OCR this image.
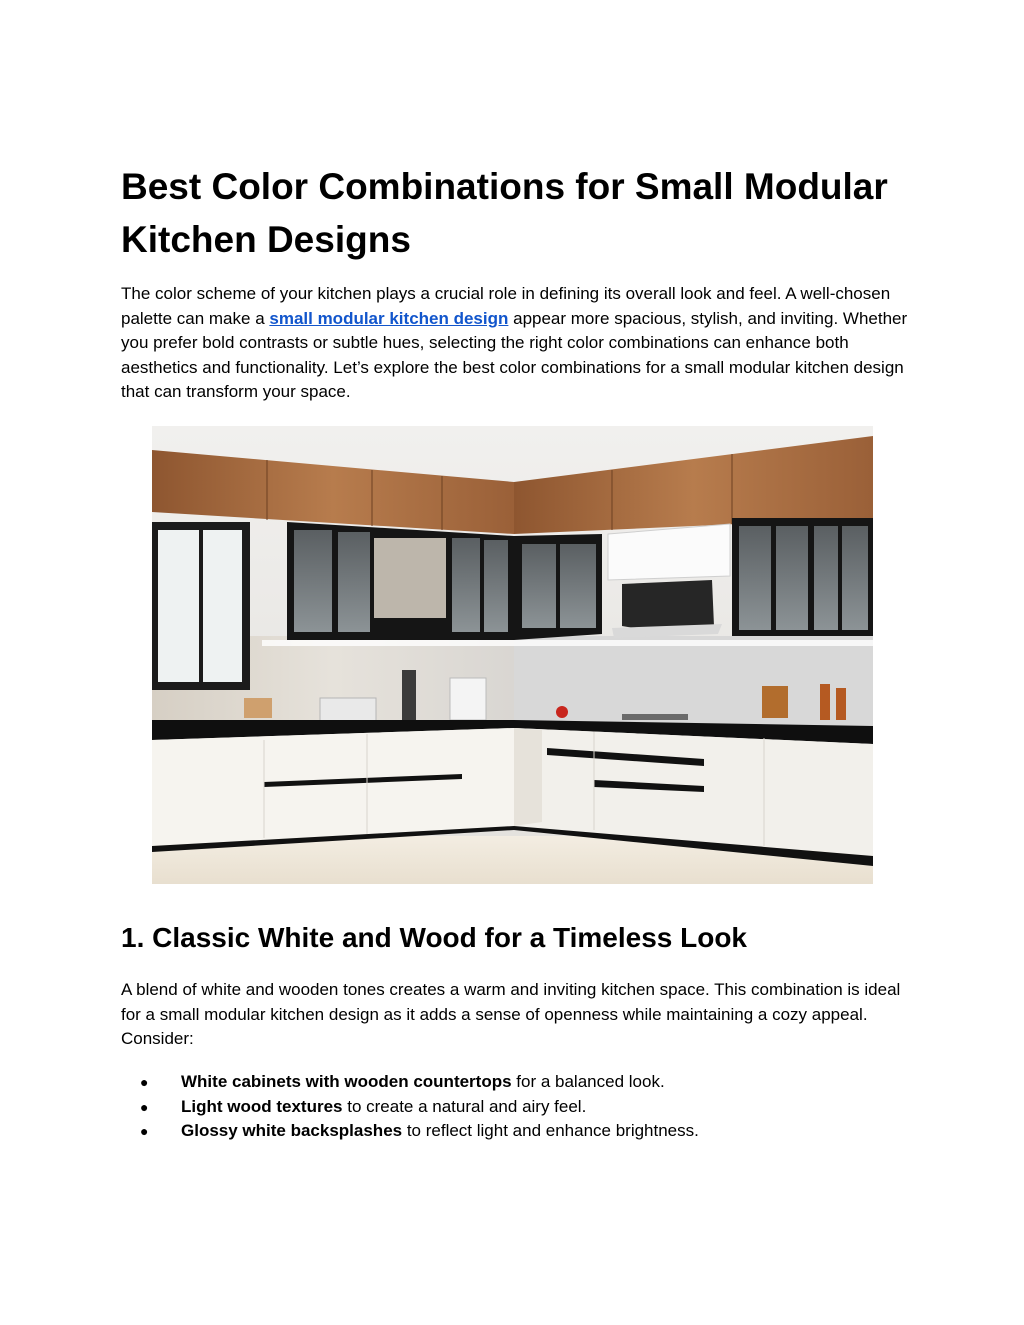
Best Color Combinations for Small Modular Kitchen Designs

The color scheme of your kitchen plays a crucial role in defining its overall look and feel. A well-chosen palette can make a small modular kitchen design appear more spacious, stylish, and inviting. Whether you prefer bold contrasts or subtle hues, selecting the right color combinations can enhance both aesthetics and functionality. Let’s explore the best color combinations for a small modular kitchen design that can transform your space.

1. Classic White and Wood for a Timeless Look

A blend of white and wooden tones creates a warm and inviting kitchen space. This combination is ideal for a small modular kitchen design as it adds a sense of openness while maintaining a cozy appeal. Consider:

● White cabinets with wooden countertops for a balanced look.
● Light wood textures to create a natural and airy feel.
● Glossy white backsplashes to reflect light and enhance brightness.
